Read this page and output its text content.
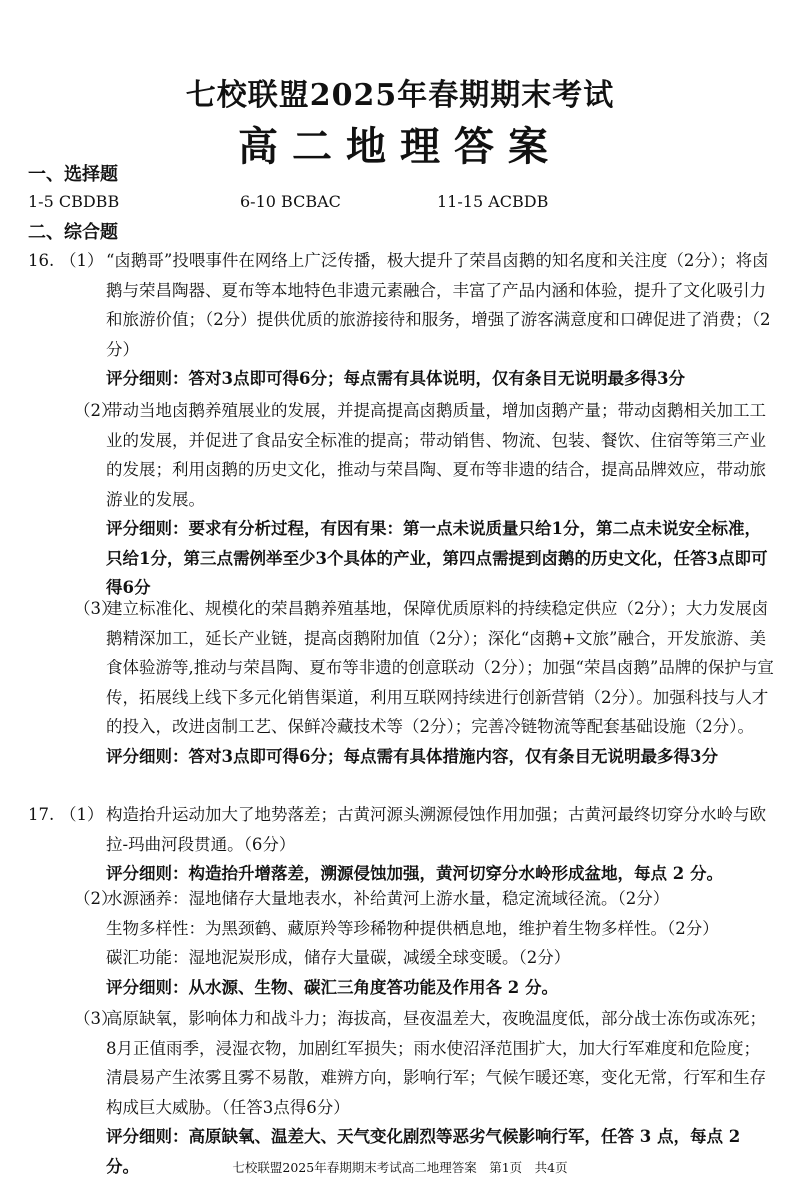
七校联盟2025年春期期末考试
高二地理答案
一、选择题
1-5 CBDBB	6-10 BCBAC	11-15 ACBDB
二、综合题
16. （1） “卤鹅哥”投喂事件在网络上广泛传播，极大提升了荣昌卤鹅的知名度和关注度（2分）；将卤鹅与荣昌陶器、夏布等本地特色非遗元素融合，丰富了产品内涵和体验，提升了文化吸引力和旅游价值；（2分）提供优质的旅游接待和服务，增强了游客满意度和口碑促进了消费；（2分）

评分细则：答对3点即可得6分；每点需有具体说明，仅有条目无说明最多得3分

（2）

带动当地卤鹅养殖展业的发展，并提高提高卤鹅质量，增加卤鹅产量；带动卤鹅相关加工工业的发展，并促进了食品安全标准的提高；带动销售、物流、包装、餐饮、住宿等第三产业的发展；利用卤鹅的历史文化，推动与荣昌陶、夏布等非遗的结合，提高品牌效应，带动旅游业的发展。

评分细则：要求有分析过程，有因有果：第一点未说质量只给1分，第二点未说安全标准，只给1分，第三点需例举至少3个具体的产业，第四点需提到卤鹅的历史文化，任答3点即可得6分

（3）

建立标准化、规模化的荣昌鹅养殖基地，保障优质原料的持续稳定供应（2分）；大力发展卤鹅精深加工，延长产业链，提高卤鹅附加值（2分）；深化“卤鹅+文旅”融合，开发旅游、美食体验游等,推动与荣昌陶、夏布等非遗的创意联动（2分）；加强“荣昌卤鹅”品牌的保护与宣传，拓展线上线下多元化销售渠道，利用互联网持续进行创新营销（2分）。加强科技与人才的投入，改进卤制工艺、保鲜冷藏技术等（2分）；完善冷链物流等配套基础设施（2分）。

评分细则：答对3点即可得6分；每点需有具体措施内容，仅有条目无说明最多得3分

17. （1） 构造抬升运动加大了地势落差；古黄河源头溯源侵蚀作用加强；古黄河最终切穿分水岭与欧拉-玛曲河段贯通。（6分）

评分细则：构造抬升增落差，溯源侵蚀加强，黄河切穿分水岭形成盆地，每点 2 分。

（2）

水源涵养：湿地储存大量地表水，补给黄河上游水量，稳定流域径流。（2分）

生物多样性：为黑颈鹤、藏原羚等珍稀物种提供栖息地，维护着生物多样性。（2分）

碳汇功能：湿地泥炭形成，储存大量碳，减缓全球变暖。（2分）

评分细则：从水源、生物、碳汇三角度答功能及作用各 2 分。

（3）

高原缺氧，影响体力和战斗力；海拔高，昼夜温差大，夜晚温度低，部分战士冻伤或冻死；8月正值雨季，浸湿衣物，加剧红军损失；雨水使沼泽范围扩大，加大行军难度和危险度；清晨易产生浓雾且雾不易散，难辨方向，影响行军；气候乍暖还寒，变化无常，行军和生存构成巨大威胁。（任答3点得6分）

评分细则：高原缺氧、温差大、天气变化剧烈等恶劣气候影响行军，任答 3 点，每点 2 分。	七校联盟2025年春期期末考试高二地理答案　第1页　共4页
